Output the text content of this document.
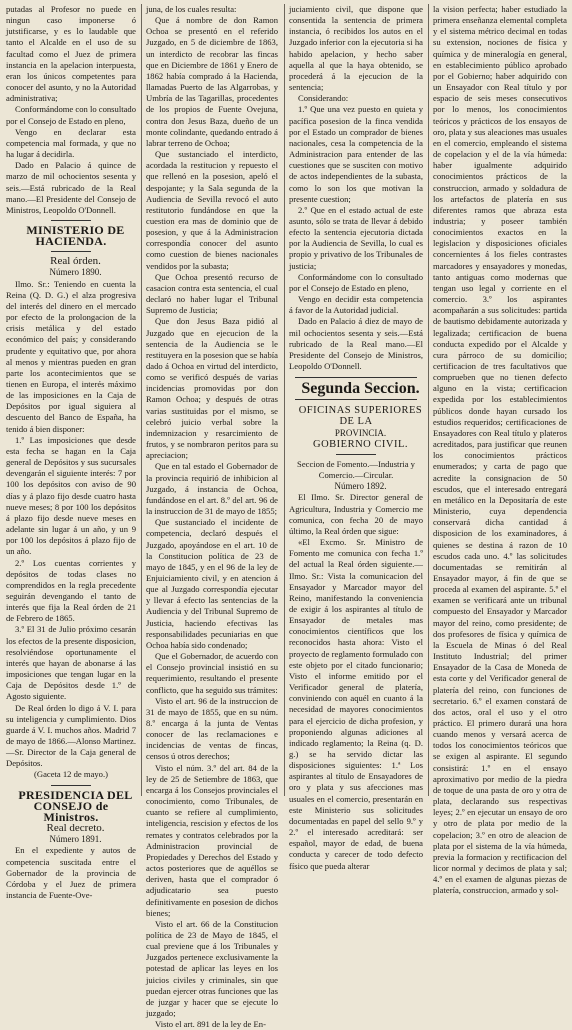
putadas al Profesor no puede en ningun caso imponerse ó jutstificarse, y es lo laudable que tanto el Alcalde en el uso de su facultad como el Juez de primera instancia en la apelacion interpuesta, eran los únicos competentes para conocer del asunto, y no la Autoridad administrativa;

Conformándome con lo consultado por el Consejo de Estado en pleno,

Vengo en declarar esta competencia mal formada, y que no ha lugar á decidirla.

Dado en Palacio á quince de marzo de mil ochocientos sesenta y seis.—Está rubricado de la Real mano.—El Presidente del Consejo de Ministros, Leopoldo O'Donnell.

MINISTERIO DE HACIENDA.

Real órden.

Número 1890.

Ilmo. Sr.: Teniendo en cuenta la Reina (Q. D. G.) el alza progresiva del interés del dinero en el mercado por efecto de la prolongacion de la crisis metálica y del estado económico del país; y considerando prudente y equitativo que, por ahora al menos y mientras pueden en gran parte los acontecimientos que se tienen en Europa, el interés máximo de las imposiciones en la Caja de Depósitos por igual siguiera al descuento del Banco de España, ha tenido á bien disponer:

1.º Las imposiciones que desde esta fecha se hagan en la Caja general de Depósitos y sus sucursales devengarán el siguiente interés: 7 por 100 los depósitos con aviso de 90 días y á plazo fijo desde cuatro hasta nueve meses; 8 por 100 los depósitos á plazo fijo desde nueve meses en adelante sin lugar á un año, y un 9 por 100 los depósitos á plazo fijo de un año.

2.º Los cuentas corrientes y depósitos de todas clases no comprendidos en la regla precedente seguirán devengando el tanto de interés que fija la Real órden de 21 de Febrero de 1865.

3.º El 31 de Julio próximo cesarán los efectos de la presente disposicion, resolviéndose oportunamente el interés que hayan de abonarse á las imposiciones que tengan lugar en la Caja de Depósitos desde 1.º de Agosto siguiente.

De Real órden lo digo á V. I. para su inteligencia y cumplimiento. Dios guarde á V. I. muchos años. Madrid 7 de mayo de 1866.—Alonso Martinez.—Sr. Director de la Caja general de Depósitos.

(Gaceta 12 de mayo.)

PRESIDENCIA DEL CONSEJO de Ministros.

Real decreto.

Número 1891.

En el expediente y autos de competencia suscitada entre el Gobernador de la provincia de Córdoba y el Juez de primera instancia de Fuente-Ove-

juna, de los cuales resulta:

Que á nombre de don Ramon Ochoa se presentó en el referido Juzgado, en 5 de diciembre de 1863, un interdicto de recobrar las fincas que en Diciembre de 1861 y Enero de 1862 había comprado á la Hacienda, llamadas Puerto de las Algarrobas, y Umbría de las Tagarillas, procedentes de los propios de Fuente Ovejuna, contra don Jesus Baza, dueño de un monte colindante, quedando entrado á labrar terreno de Ochoa;

Que sustanciado el interdicto, acordada la restitucion y repuesto el que rellenó en la posesion, apeló el despojante; y la Sala segunda de la Audiencia de Sevilla revocó el auto restitutorio fundándose en que la cuestion era mas de dominio que de posesion, y que á la Administracion correspondía conocer del asunto como cuestion de bienes nacionales vendidos por la subasta;

Que Ochoa presentó recurso de casacion contra esta sentencia, el cual declaró no haber lugar el Tribunal Supremo de Justicia;

Que don Jesus Baza pidió al Juzgado que en ejecucion de la sentencia de la Audiencia se le restituyera en la posesion que se había dado á Ochoa en virtud del interdicto, como se verificó después de varias incidencias promovidas por don Ramon Ochoa; y después de otras varias sustituidas por el mismo, se celebró juicio verbal sobre la indemnizacion y resarcimiento de frutos, y se nombraron peritos para su apreciacion;

Que en tal estado el Gobernador de la provincia requirió de inhibicion al Juzgado, á instancia de Ochoa, fundándose en el art. 8.º del art. 96 de la instruccion de 31 de mayo de 1855;

Que sustanciado el incidente de competencia, declaró después el Juzgado, apoyándose en el art. 10 de la Constitucion política de 23 de mayo de 1845, y en el 96 de la ley de Enjuiciamiento civil, y en atencion á que al Juzgado correspondía ejecutar y llevar á efecto las sentencias de la Audiencia y del Tribunal Supremo de Justicia, haciendo efectivas las responsabilidades pecuniarias en que Ochoa había sido condenado;

Que el Gobernador, de acuerdo con el Consejo provincial insistió en su requerimiento, resultando el presente conflicto, que ha seguido sus trámites:

Visto el art. 96 de la instruccion de 31 de mayo de 1855, que en su núm. 8.º encarga á la junta de Ventas conocer de las reclamaciones e incidencias de ventas de fincas, censos ú otros derechos;

Visto el núm. 3.º del art. 84 de la ley de 25 de Setiembre de 1863, que encarga á los Consejos provinciales el conocimiento, como Tribunales, de cuanto se refiere al cumplimiento, inteligencia, rescision y efectos de los remates y contratos celebrados por la Administracion provincial de Propiedades y Derechos del Estado y actos posteriores que de aquéllos se deriven, hasta que el comprador ó adjudicatario sea puesto definitivamente en posesion de dichos bienes;

Visto el art. 66 de la Constitucion política de 23 de Mayo de 1845, el cual previene que á los Tribunales y Juzgados pertenece exclusivamente la potestad de aplicar las leyes en los juicios civiles y criminales, sin que puedan ejercer otras funciones que las de juzgar y hacer que se ejecute lo juzgado;

Visto el art. 891 de la ley de En-

juciamiento civil, que dispone que consentida la sentencia de primera instancia, ó recibidos los autos en el Juzgado inferior con la ejecutoria si ha habido apelacion, y hecho saber aquella al que la haya obtenido, se procederá á la ejecucion de la sentencia;

Considerando:

1.º Que una vez puesto en quieta y pacífica posesion de la finca vendida por el Estado un comprador de bienes nacionales, cesa la competencia de la Administracion para entender de las cuestiones que se susciten con motivo de actos independientes de la subasta, como lo son los que motivan la presente cuestion;

2.º Que en el estado actual de este asunto, sólo se trata de llevar á debido efecto la sentencia ejecutoria dictada por la Audiencia de Sevilla, lo cual es propio y privativo de los Tribunales de justicia;

Conformándome con lo consultado por el Consejo de Estado en pleno,

Vengo en decidir esta competencia á favor de la Autoridad judicial.

Dado en Palacio á diez de mayo de mil ochocientos sesenta y seis.—Está rubricado de la Real mano.—El Presidente del Consejo de Ministros, Leopoldo O'Donnell.

Segunda Seccion.

OFICINAS SUPERIORES DE LA

PROVINCIA.

GOBIERNO CIVIL.

Seccion de Fomento.—Industria y Comercio.—Circular.

Número 1892.

El Ilmo. Sr. Director general de Agricultura, Industria y Comercio me comunica, con fecha 20 de mayo último, la Real órden que sigue:

«El Excmo. Sr. Ministro de Fomento me comunica con fecha 1.º del actual la Real órden siguiente.—Ilmo. Sr.: Vista la comunicacion del Ensayador y Marcador mayor del Reino, manifestando la conveniencia de exigir á los aspirantes al título de Ensayador de metales mas conocimientos científicos que los reconocidos hasta ahora: Visto el proyecto de reglamento formulado con este objeto por el citado funcionario; Visto el informe emitido por el Verificador general de platería, conviniendo con aquél en cuanto á la necesidad de mayores conocimientos para el ejercicio de dicha profesion, y proponiendo algunas adiciones al indicado reglamento; la Reina (q. D. g.) se ha servido dictar las disposiciones siguientes: 1.ª Los aspirantes al título de Ensayadores de oro y plata y sus afecciones mas usuales en el comercio, presentarán en este Ministerio sus solicitudes documentadas en papel del sello 9.º y 2.º el interesado acreditará: ser español, mayor de edad, de buena conducta y carecer de todo defecto físico que pueda alterar

la vision perfecta; haber estudiado la primera enseñanza elemental completa y el sistema métrico decimal en todas su extension, nociones de física y química y de mineralogía en general, en establecimiento público aprobado por el Gobierno; haber adquirido con un Ensayador con Real título y por espacio de seis meses consecutivos por lo menos, los conocimientos teóricos y prácticos de los ensayos de oro, plata y sus aleaciones mas usuales en el comercio, empleando el sistema de copelacion y el de la vía húmeda: haber igualmente adquirido conocimientos prácticos de la construccion, armado y soldadura de los artefactos de platería en sus diferentes ramos que abraza esta industria; y poseer también conocimientos exactos en la legislacion y disposiciones oficiales concernientes á los fieles contrastes marcadores y ensayadores y monedas, tanto antiguas como modernas que tengan uso legal y corriente en el comercio. 3.º los aspirantes acompañarán a sus solicitudes: partida de bautismo debidamente autorizada y legalizada; certificacion de buena conducta expedido por el Alcalde y cura párroco de su domicilio; certificacion de tres facultativos que comprueben que no tienen defecto alguno en la vista; certificacion expedida por los establecimientos públicos donde hayan cursado los estudios requeridos; certificaciones de Ensayadores con Real título y plateros acreditados, para justificar que reunen los conocimientos prácticos enumerados; y carta de pago que acredite la consignacion de 50 escudos, que el interesado entregará en metálico en la Depositaría de este Ministerio, cuya dependencia conservará dicha cantidad á disposicion de los examinadores, á quienes se destina á razon de 10 escudos cada uno. 4.º las solicitudes documentadas se remitirán al Ensayador mayor, á fin de que se proceda al examen del aspirante. 5.º el examen se verificará ante un tribunal compuesto del Ensayador y Marcador mayor del reino, como presidente; de dos profesores de física y química de la Escuela de Minas ó del Real Instituto Industrial; del primer Ensayador de la Casa de Moneda de esta corte y del Verificador general de platería del reino, con funciones de secretario. 6.º el examen constará de dos actos, oral el uso y el otro práctico. El primero durará una hora cuando menos y versará acerca de todos los conocimientos teóricos que se exigen al aspirante. El segundo consistirá: 1.º en el ensayo aproximativo por medio de la piedra de toque de una pasta de oro y otra de plata, declarando sus respectivas leyes; 2.º en ejecutar un ensayo de oro y otro de plata por medio de la copelacion; 3.º en otro de aleacion de plata por el sistema de la vía húmeda, previa la formacion y rectificacion del licor normal y decimos de plata y sal; 4.º en el examen de algunas piezas de platería, construccion, armado y sol-
